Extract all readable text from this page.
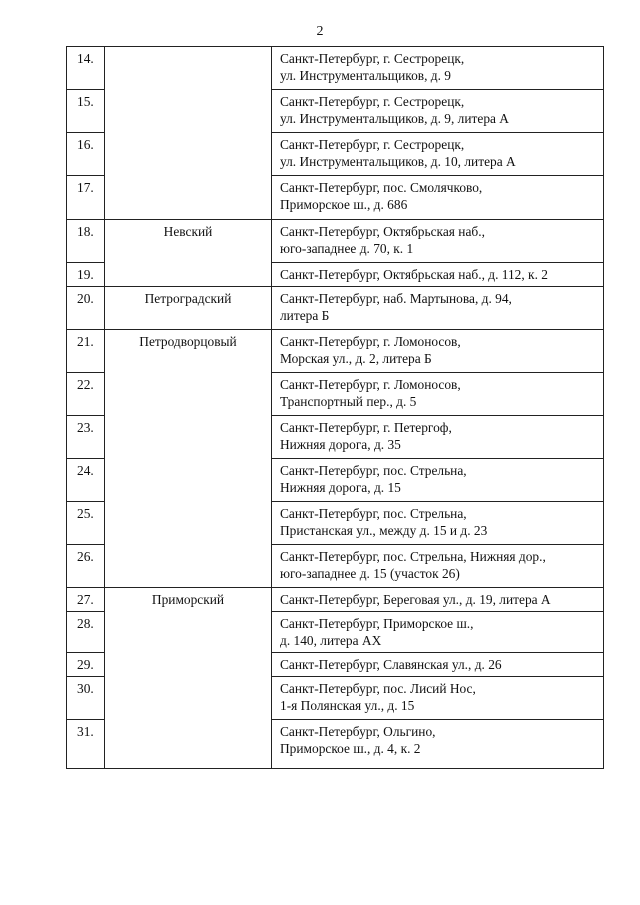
2
14.		Санкт-Петербург, г. Сестрорецк,
ул. Инструментальщиков, д. 9
15.		Санкт-Петербург, г. Сестрорецк,
ул. Инструментальщиков, д. 9, литера А
16.		Санкт-Петербург, г. Сестрорецк,
ул. Инструментальщиков, д. 10, литера А
17.		Санкт-Петербург, пос. Смолячково,
Приморское ш., д. 686
18.	Невский	Санкт-Петербург, Октябрьская наб.,
юго-западнее д. 70, к. 1
19.		Санкт-Петербург, Октябрьская наб., д. 112, к. 2
20.	Петроградский	Санкт-Петербург, наб. Мартынова, д. 94,
литера Б
21.	Петродворцовый	Санкт-Петербург, г. Ломоносов,
Морская ул., д. 2, литера Б
22.		Санкт-Петербург, г. Ломоносов,
Транспортный пер., д. 5
23.		Санкт-Петербург, г. Петергоф,
Нижняя дорога, д. 35
24.		Санкт-Петербург, пос. Стрельна,
Нижняя дорога, д. 15
25.		Санкт-Петербург, пос. Стрельна,
Пристанская ул., между д. 15 и д. 23
26.		Санкт-Петербург, пос. Стрельна, Нижняя дор.,
юго-западнее д. 15 (участок 26)
27.	Приморский	Санкт-Петербург, Береговая ул., д. 19, литера А
28.		Санкт-Петербург, Приморское ш.,
д. 140, литера АХ
29.		Санкт-Петербург, Славянская ул., д. 26
30.		Санкт-Петербург, пос. Лисий Нос,
1-я Полянская ул., д. 15
31.		Санкт-Петербург, Ольгино,
Приморское ш., д. 4, к. 2
